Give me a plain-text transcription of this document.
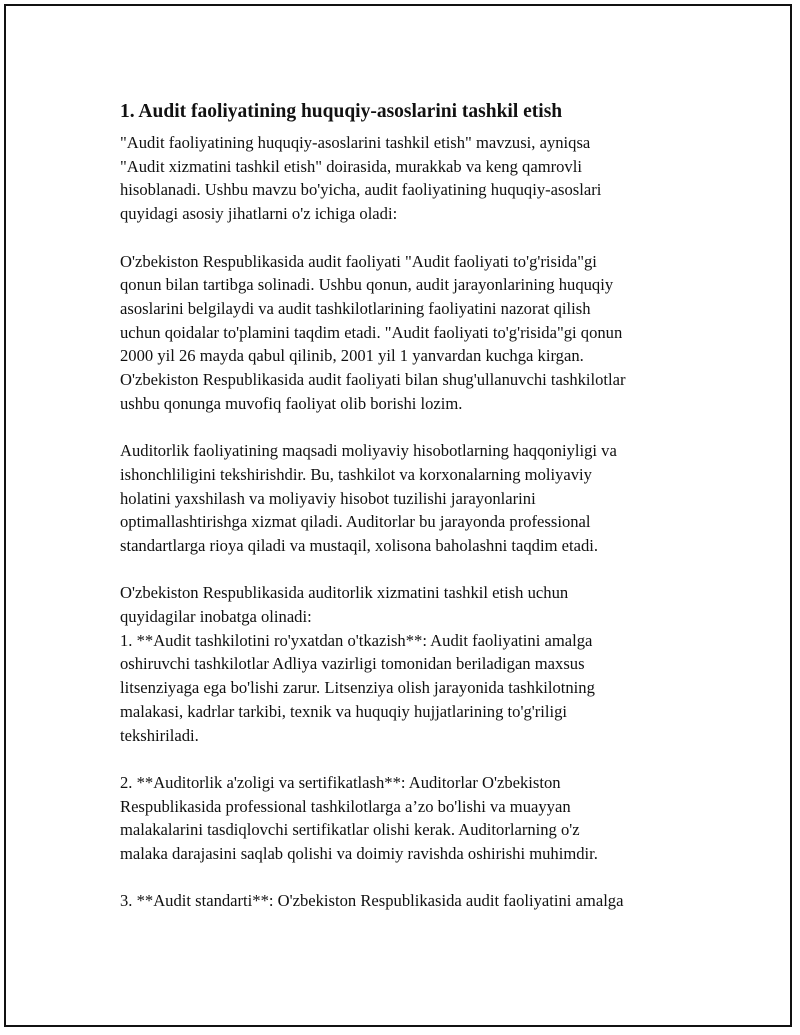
1. Audit faoliyatining huquqiy-asoslarini tashkil etish

"Audit faoliyatining huquqiy-asoslarini tashkil etish" mavzusi, ayniqsa
"Audit xizmatini tashkil etish" doirasida, murakkab va keng qamrovli
hisoblanadi. Ushbu mavzu bo'yicha, audit faoliyatining huquqiy-asoslari
quyidagi asosiy jihatlarni o'z ichiga oladi:

O'zbekiston Respublikasida audit faoliyati "Audit faoliyati to'g'risida"gi
qonun bilan tartibga solinadi. Ushbu qonun, audit jarayonlarining huquqiy
asoslarini belgilaydi va audit tashkilotlarining faoliyatini nazorat qilish
uchun qoidalar to'plamini taqdim etadi. "Audit faoliyati to'g'risida"gi qonun
2000 yil 26 mayda qabul qilinib, 2001 yil 1 yanvardan kuchga kirgan.
O'zbekiston Respublikasida audit faoliyati bilan shug'ullanuvchi tashkilotlar
ushbu qonunga muvofiq faoliyat olib borishi lozim.

Auditorlik faoliyatining maqsadi moliyaviy hisobotlarning haqqoniyligi va
ishonchliligini tekshirishdir. Bu, tashkilot va korxonalarning moliyaviy
holatini yaxshilash va moliyaviy hisobot tuzilishi jarayonlarini
optimallashtirishga xizmat qiladi. Auditorlar bu jarayonda professional
standartlarga rioya qiladi va mustaqil, xolisona baholashni taqdim etadi.

O'zbekiston Respublikasida auditorlik xizmatini tashkil etish uchun
quyidagilar inobatga olinadi:
1. **Audit tashkilotini ro'yxatdan o'tkazish**: Audit faoliyatini amalga
oshiruvchi tashkilotlar Adliya vazirligi tomonidan beriladigan maxsus
litsenziyaga ega bo'lishi zarur. Litsenziya olish jarayonida tashkilotning
malakasi, kadrlar tarkibi, texnik va huquqiy hujjatlarining to'g'riligi
tekshiriladi.

2. **Auditorlik a'zoligi va sertifikatlash**: Auditorlar O'zbekiston
Respublikasida professional tashkilotlarga a’zo bo'lishi va muayyan
malakalarini tasdiqlovchi sertifikatlar olishi kerak. Auditorlarning o'z
malaka darajasini saqlab qolishi va doimiy ravishda oshirishi muhimdir.

3. **Audit standarti**: O'zbekiston Respublikasida audit faoliyatini amalga
